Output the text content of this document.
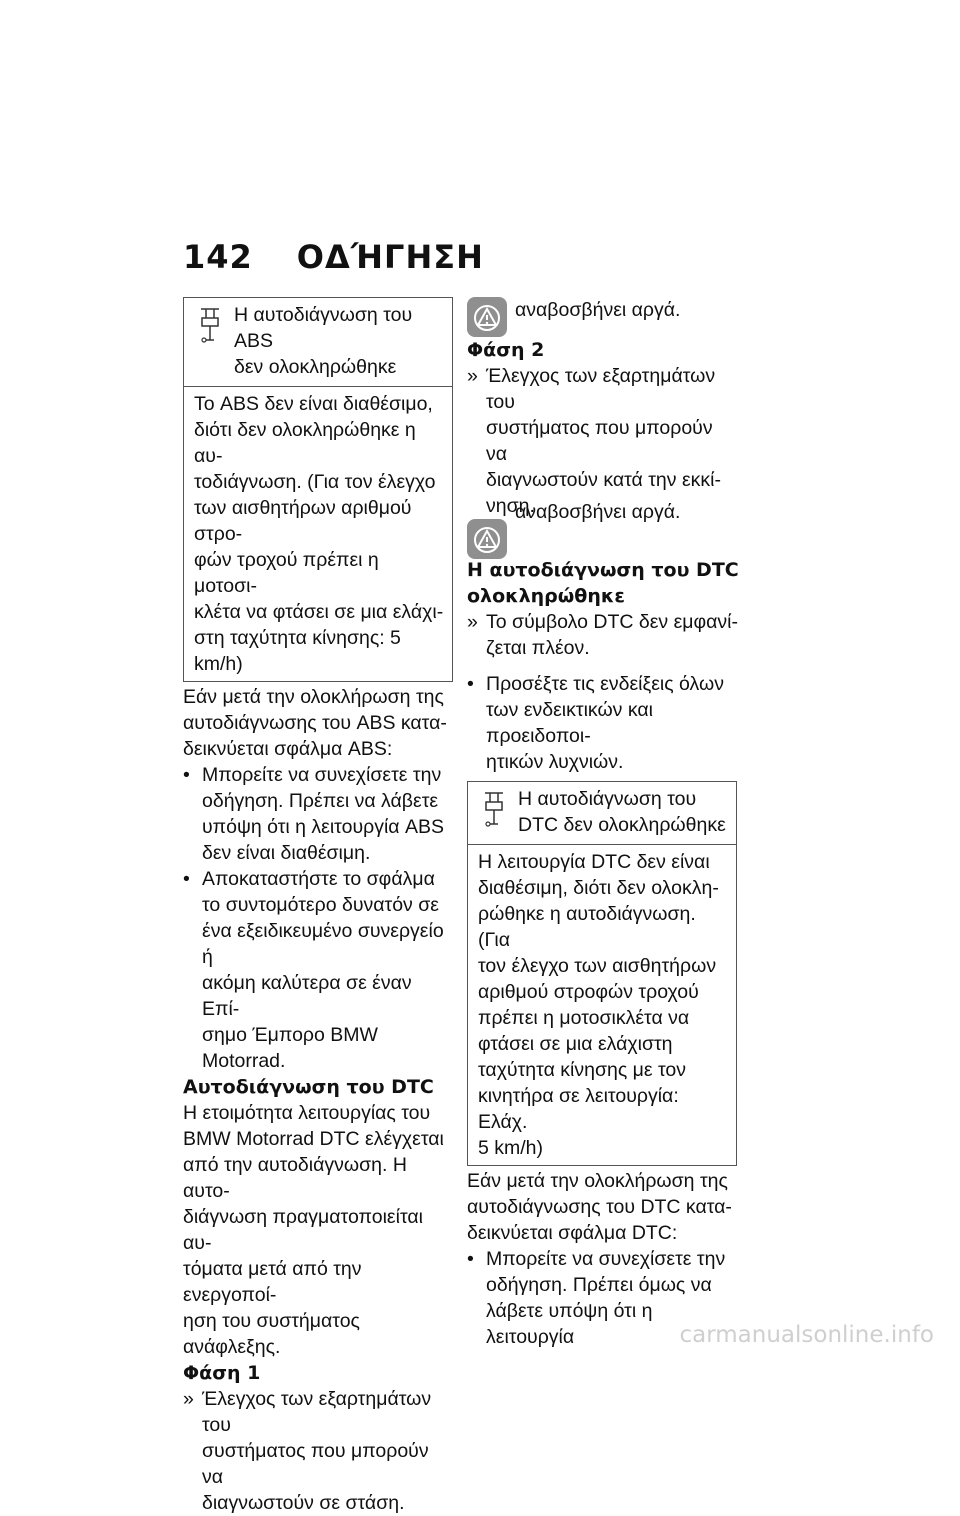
142 ΟΔΉΓΗΣΗ

Η αυτοδιάγνωση του ABS

δεν ολοκληρώθηκε

Το ABS δεν είναι διαθέσιμο,

διότι δεν ολοκληρώθηκε η αυ-

τοδιάγνωση. (Για τον έλεγχο

των αισθητήρων αριθμού στρο-

φών τροχού πρέπει η μοτοσι-

κλέτα να φτάσει σε μια ελάχι-

στη ταχύτητα κίνησης: 5 km/h)

Εάν μετά την ολοκλήρωση της

αυτοδιάγνωσης του ABS κατα-

δεικνύεται σφάλμα ABS:

• Μπορείτε να συνεχίσετε την

οδήγηση. Πρέπει να λάβετε

υπόψη ότι η λειτουργία ABS

δεν είναι διαθέσιμη.

• Αποκαταστήστε το σφάλμα

το συντομότερο δυνατόν σε

ένα εξειδικευμένο συνεργείο ή

ακόμη καλύτερα σε έναν Επί-

σημο Έμπορο BMW Motorrad.

Αυτοδιάγνωση του DTC

Η ετοιμότητα λειτουργίας του

BMW Motorrad DTC ελέγχεται

από την αυτοδιάγνωση. Η αυτο-

διάγνωση πραγματοποιείται αυ-

τόματα μετά από την ενεργοποί-

ηση του συστήματος ανάφλεξης.

Φάση 1

» Έλεγχος των εξαρτημάτων του

συστήματος που μπορούν να

διαγνωστούν σε στάση.

αναβοσβήνει αργά.

Φάση 2

» Έλεγχος των εξαρτημάτων του

συστήματος που μπορούν να

διαγνωστούν κατά την εκκί-

νηση.

αναβοσβήνει αργά.

Η αυτοδιάγνωση του DTC

ολοκληρώθηκε

» Το σύμβολο DTC δεν εμφανί-

ζεται πλέον.

• Προσέξτε τις ενδείξεις όλων

των ενδεικτικών και προειδοποι-

ητικών λυχνιών.

Η αυτοδιάγνωση του

DTC δεν ολοκληρώθηκε

Η λειτουργία DTC δεν είναι

διαθέσιμη, διότι δεν ολοκλη-

ρώθηκε η αυτοδιάγνωση. (Για

τον έλεγχο των αισθητήρων

αριθμού στροφών τροχού

πρέπει η μοτοσικλέτα να

φτάσει σε μια ελάχιστη

ταχύτητα κίνησης με τον

κινητήρα σε λειτουργία: Ελάχ.

5 km/h)

Εάν μετά την ολοκλήρωση της

αυτοδιάγνωσης του DTC κατα-

δεικνύεται σφάλμα DTC:

• Μπορείτε να συνεχίσετε την

οδήγηση. Πρέπει όμως να

λάβετε υπόψη ότι η λειτουργία	carmanualsonline.info
